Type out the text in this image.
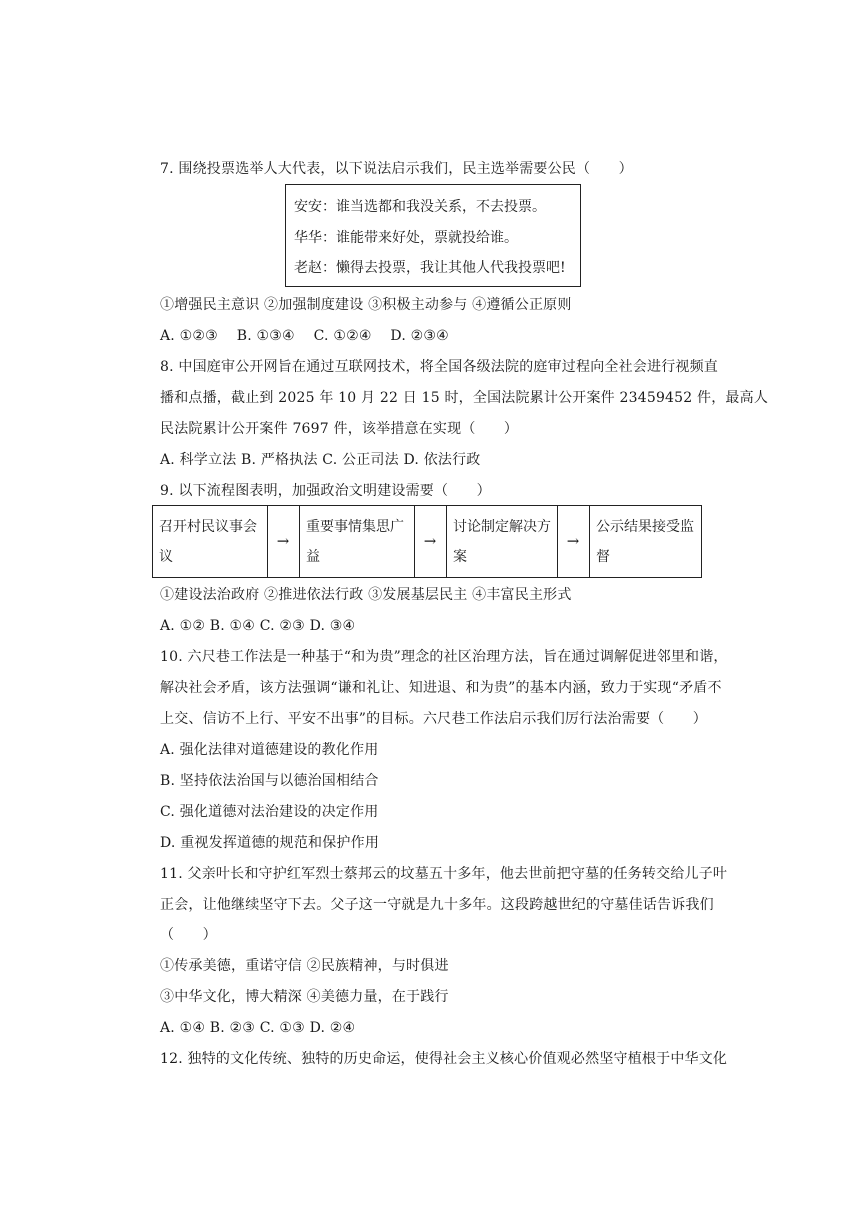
7. 围绕投票选举人大代表，以下说法启示我们，民主选举需要公民（　　）
安安：谁当选都和我没关系，不去投票。
华华：谁能带来好处，票就投给谁。
老赵：懒得去投票，我让其他人代我投票吧!
①增强民主意识 ②加强制度建设 ③积极主动参与 ④遵循公正原则
A. ①②③　 B. ①③④　 C. ①②④　 D. ②③④
8. 中国庭审公开网旨在通过互联网技术，将全国各级法院的庭审过程向全社会进行视频直
播和点播，截止到 2025 年 10 月 22 日 15 时，全国法院累计公开案件 23459452 件，最高人
民法院累计公开案件 7697 件，该举措意在实现（　　）
A. 科学立法 B. 严格执法 C. 公正司法 D. 依法行政
9. 以下流程图表明，加强政治文明建设需要（　　）
召开村民议事会
议
→
重要事情集思广
益
→
讨论制定解决方
案
→
公示结果接受监
督
①建设法治政府 ②推进依法行政 ③发展基层民主 ④丰富民主形式
A. ①② B. ①④ C. ②③ D. ③④
10. 六尺巷工作法是一种基于“和为贵”理念的社区治理方法，旨在通过调解促进邻里和谐，
解决社会矛盾，该方法强调“谦和礼让、知进退、和为贵”的基本内涵，致力于实现“矛盾不
上交、信访不上行、平安不出事”的目标。六尺巷工作法启示我们厉行法治需要（　　）
A. 强化法律对道德建设的教化作用
B. 坚持依法治国与以德治国相结合
C. 强化道德对法治建设的决定作用
D. 重视发挥道德的规范和保护作用
11. 父亲叶长和守护红军烈士蔡邦云的坟墓五十多年，他去世前把守墓的任务转交给儿子叶
正会，让他继续坚守下去。父子这一守就是九十多年。这段跨越世纪的守墓佳话告诉我们
（　　）
①传承美德，重诺守信 ②民族精神，与时俱进
③中华文化，博大精深 ④美德力量，在于践行
A. ①④ B. ②③ C. ①③ D. ②④
12. 独特的文化传统、独特的历史命运，使得社会主义核心价值观必然坚守植根于中华文化
